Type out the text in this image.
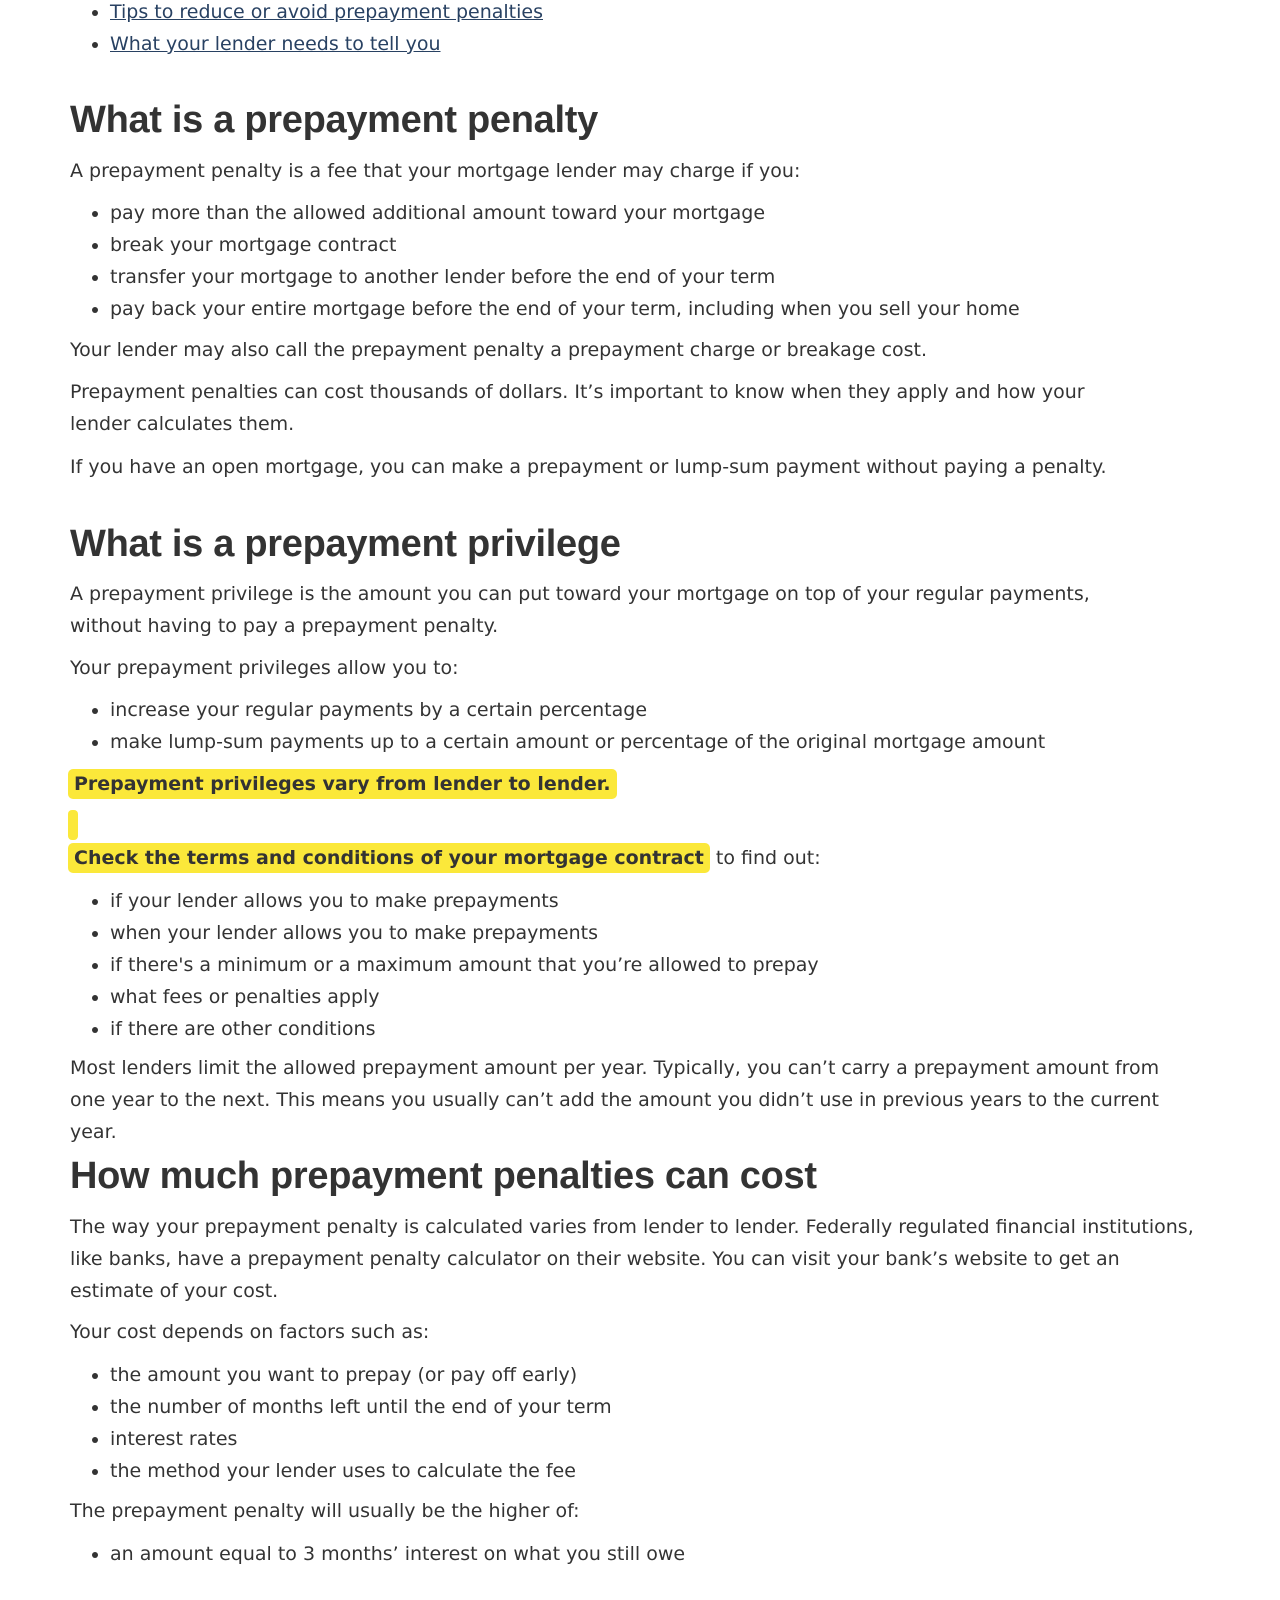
• Tips to reduce or avoid prepayment penalties
• What your lender needs to tell you
What is a prepayment penalty

A prepayment penalty is a fee that your mortgage lender may charge if you:

• pay more than the allowed additional amount toward your mortgage
• break your mortgage contract
• transfer your mortgage to another lender before the end of your term
• pay back your entire mortgage before the end of your term, including when you sell your home

Your lender may also call the prepayment penalty a prepayment charge or breakage cost.

Prepayment penalties can cost thousands of dollars. It’s important to know when they apply and how your lender calculates them.

If you have an open mortgage, you can make a prepayment or lump-sum payment without paying a penalty.

What is a prepayment privilege

A prepayment privilege is the amount you can put toward your mortgage on top of your regular payments, without having to pay a prepayment penalty.

Your prepayment privileges allow you to:

• increase your regular payments by a certain percentage
• make lump-sum payments up to a certain amount or percentage of the original mortgage amount

Prepayment privileges vary from lender to lender.

Check the terms and conditions of your mortgage contract to find out:

• if your lender allows you to make prepayments
• when your lender allows you to make prepayments
• if there's a minimum or a maximum amount that you’re allowed to prepay
• what fees or penalties apply
• if there are other conditions

Most lenders limit the allowed prepayment amount per year. Typically, you can’t carry a prepayment amount from one year to the next. This means you usually can’t add the amount you didn’t use in previous years to the current year.

How much prepayment penalties can cost

The way your prepayment penalty is calculated varies from lender to lender. Federally regulated financial institutions, like banks, have a prepayment penalty calculator on their website. You can visit your bank’s website to get an estimate of your cost.

Your cost depends on factors such as:

• the amount you want to prepay (or pay off early)
• the number of months left until the end of your term
• interest rates
• the method your lender uses to calculate the fee

The prepayment penalty will usually be the higher of:

• an amount equal to 3 months’ interest on what you still owe
